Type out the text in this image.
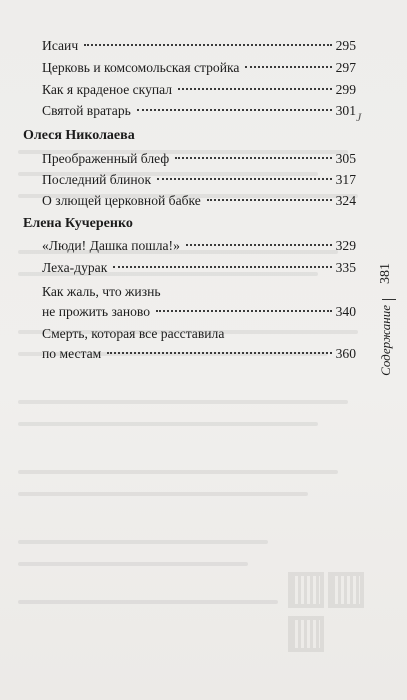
Исаич	295
Церковь и комсомольская стройка	297
Как я краденое скупал	299
Святой вратарь	301
Олеся Николаева
Преображенный блеф	305
Последний блинок	317
О злющей церковной бабке	324
Елена Кучеренко
«Люди! Дашка пошла!»	329
Леха-дурак	335
Как жаль, что жизнь
не прожить заново	340
Смерть, которая все расставила
по местам	360
J
381
Содержание
